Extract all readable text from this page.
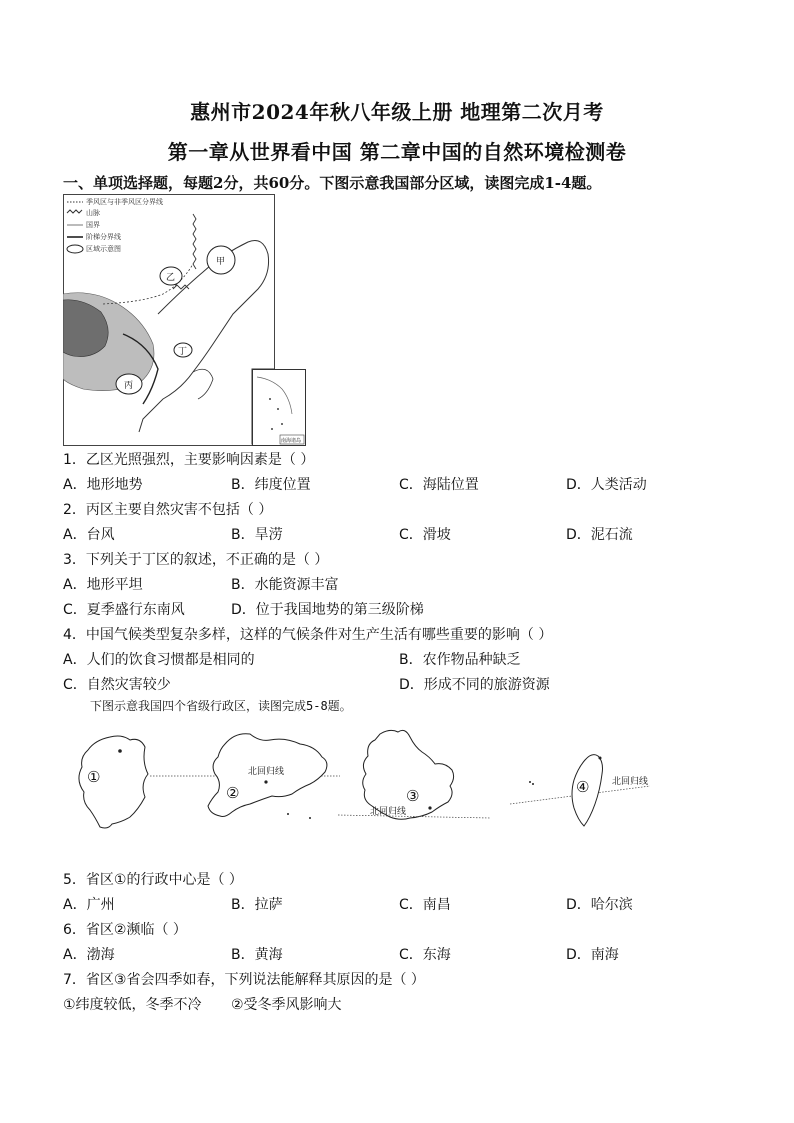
惠州市2024年秋八年级上册 地理第二次月考
第一章从世界看中国 第二章中国的自然环境检测卷
一、单项选择题，每题2分，共60分。下图示意我国部分区域，读图完成1-4题。
季风区与非季风区分界线
山脉
国界
阶梯分界线
区域示意图
甲
乙
丙
丁
南海诸岛
1．乙区光照强烈，主要影响因素是（ ）
A．地形地势	B．纬度位置	C．海陆位置	D．人类活动
2．丙区主要自然灾害不包括（ ）
A．台风	B．旱涝	C．滑坡	D．泥石流
3．下列关于丁区的叙述，不正确的是（ ）
A．地形平坦	B．水能资源丰富
C．夏季盛行东南风	D．位于我国地势的第三级阶梯
4．中国气候类型复杂多样，这样的气候条件对生产生活有哪些重要的影响（ ）
A．人们的饮食习惯都是相同的	B．农作物品种缺乏
C．自然灾害较少	D．形成不同的旅游资源
下图示意我国四个省级行政区，读图完成5-8题。
①	北回归线
②
北回归线
③
北回归线
④
5．省区①的行政中心是（ ）
A．广州	B．拉萨	C．南昌	D．哈尔滨
6．省区②濒临（ ）
A．渤海	B．黄海	C．东海	D．南海
7．省区③省会四季如春，下列说法能解释其原因的是（ ）
①纬度较低，冬季不冷 ②受冬季风影响大
